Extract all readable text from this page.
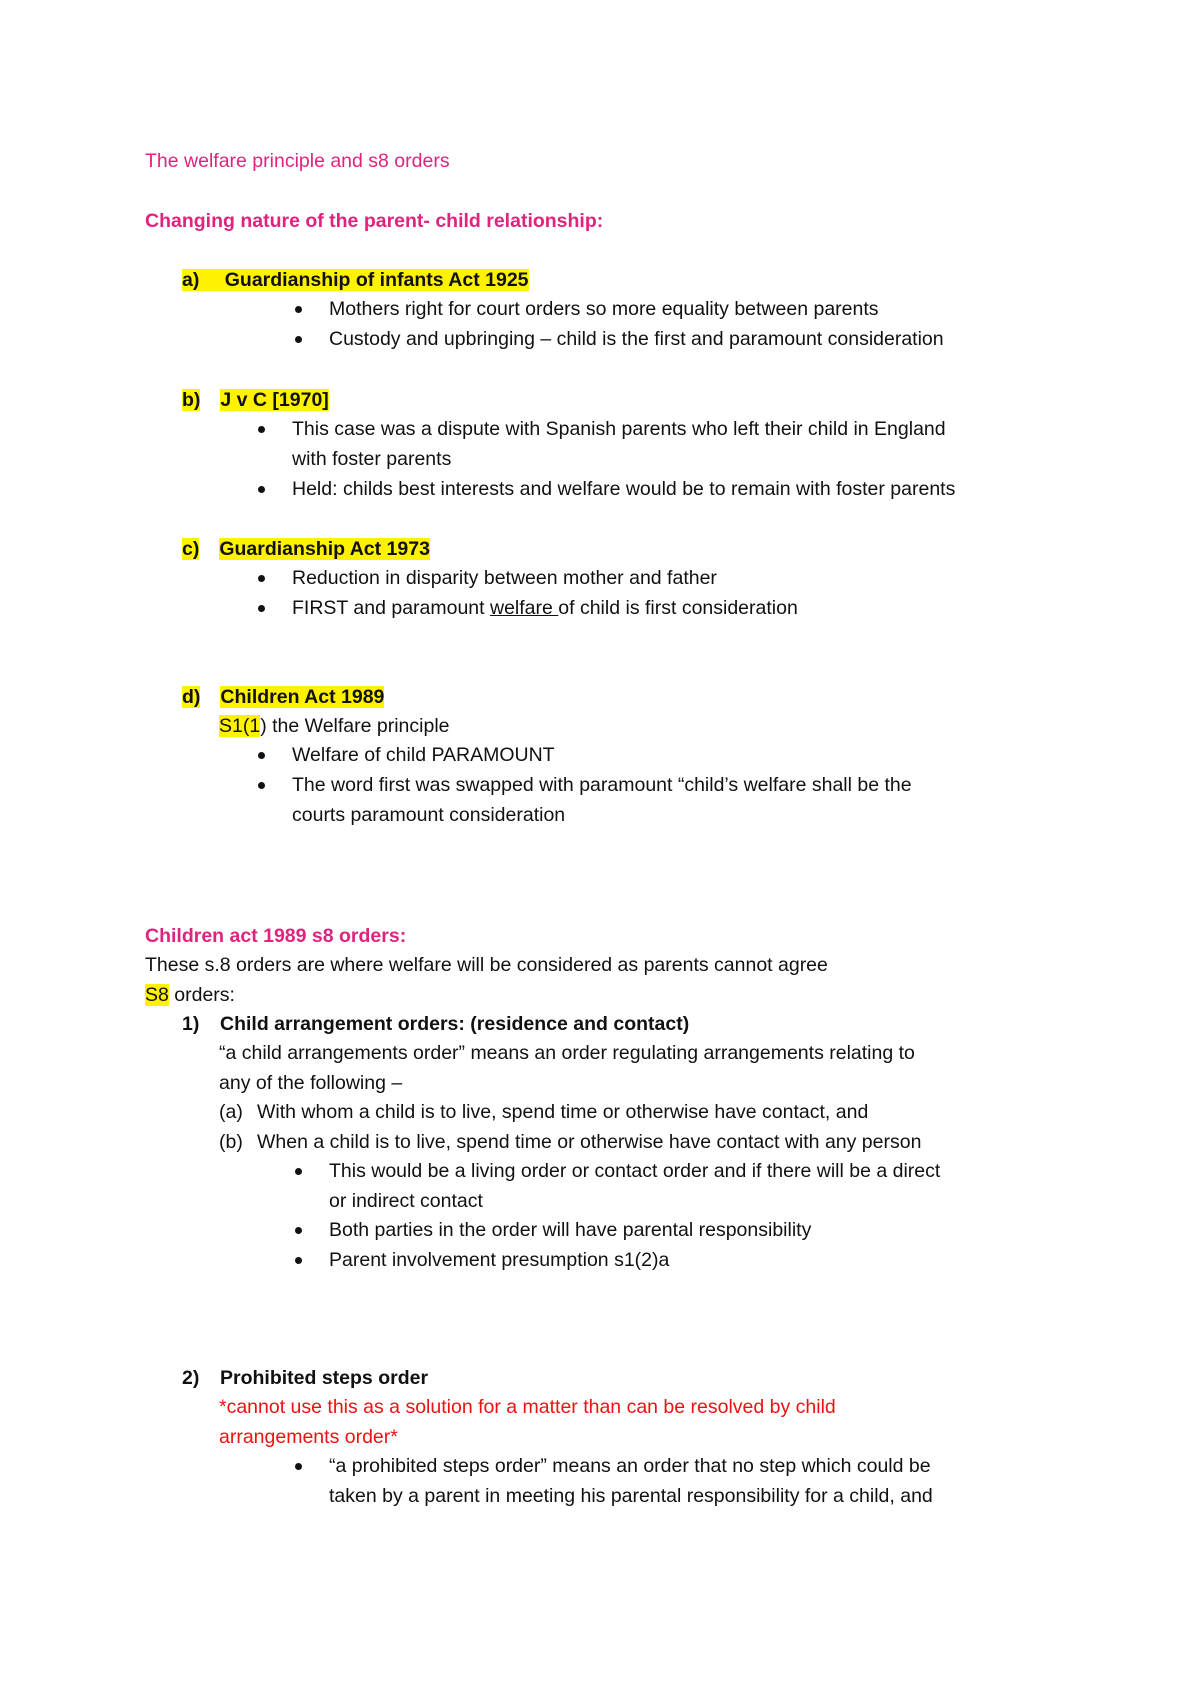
The welfare principle and s8 orders
Changing nature of the parent- child relationship:
a) Guardianship of infants Act 1925
Mothers right for court orders so more equality between parents
Custody and upbringing – child is the first and paramount consideration
b) J v C [1970]
This case was a dispute with Spanish parents who left their child in England
with foster parents
Held: childs best interests and welfare would be to remain with foster parents
c) Guardianship Act 1973
Reduction in disparity between mother and father
FIRST and paramount welfare of child is first consideration
d) Children Act 1989
S1(1) the Welfare principle
Welfare of child PARAMOUNT
The word first was swapped with paramount “child’s welfare shall be the
courts paramount consideration
Children act 1989 s8 orders:
These s.8 orders are where welfare will be considered as parents cannot agree
S8 orders:
1) Child arrangement orders: (residence and contact)
“a child arrangements order” means an order regulating arrangements relating to
any of the following –
(a) With whom a child is to live, spend time or otherwise have contact, and
(b) When a child is to live, spend time or otherwise have contact with any person
This would be a living order or contact order and if there will be a direct
or indirect contact
Both parties in the order will have parental responsibility
Parent involvement presumption s1(2)a
2) Prohibited steps order
*cannot use this as a solution for a matter than can be resolved by child
arrangements order*
“a prohibited steps order” means an order that no step which could be
taken by a parent in meeting his parental responsibility for a child, and
